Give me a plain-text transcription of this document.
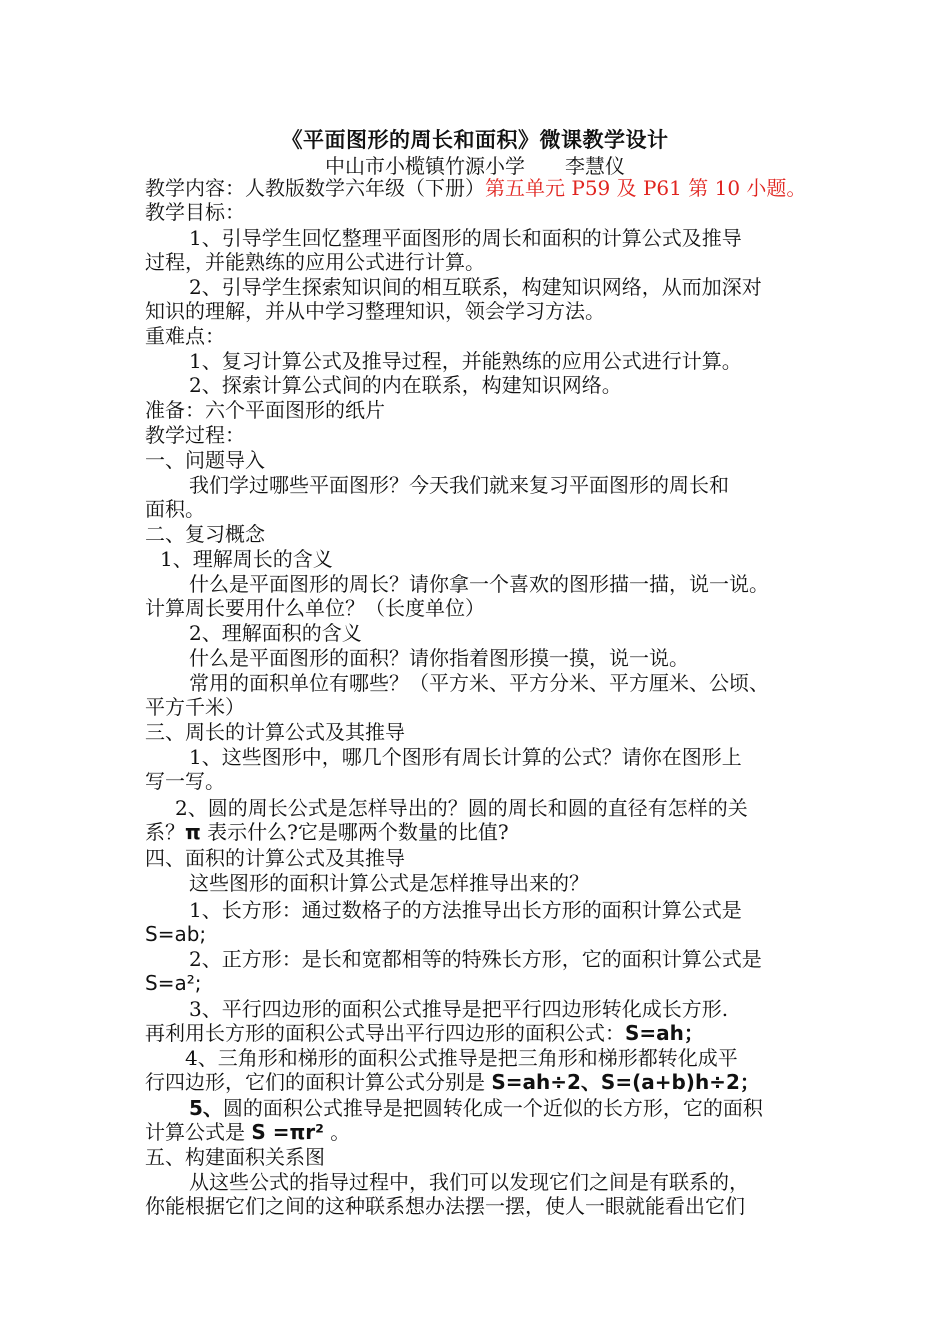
《平面图形的周长和面积》微课教学设计
中山市小榄镇竹源小学 李慧仪
教学内容：人教版数学六年级（下册）第五单元 P59 及 P61 第 10 小题。
教学目标：
1、引导学生回忆整理平面图形的周长和面积的计算公式及推导
过程，并能熟练的应用公式进行计算。
2、引导学生探索知识间的相互联系，构建知识网络，从而加深对
知识的理解，并从中学习整理知识，领会学习方法。
重难点：
1、复习计算公式及推导过程，并能熟练的应用公式进行计算。
2、探索计算公式间的内在联系，构建知识网络。
准备：六个平面图形的纸片
教学过程：
一、问题导入
我们学过哪些平面图形？今天我们就来复习平面图形的周长和
面积。
二、复习概念
1、理解周长的含义
什么是平面图形的周长？请你拿一个喜欢的图形描一描，说一说。
计算周长要用什么单位？（长度单位）
2、理解面积的含义
什么是平面图形的面积？请你指着图形摸一摸，说一说。
常用的面积单位有哪些？（平方米、平方分米、平方厘米、公顷、
平方千米）
三、周长的计算公式及其推导
1、这些图形中，哪几个图形有周长计算的公式？请你在图形上
写一写。
2、圆的周长公式是怎样导出的？圆的周长和圆的直径有怎样的关
系？π 表示什么?它是哪两个数量的比值?
四、面积的计算公式及其推导
这些图形的面积计算公式是怎样推导出来的？
1、长方形：通过数格子的方法推导出长方形的面积计算公式是
S=ab;
2、正方形：是长和宽都相等的特殊长方形，它的面积计算公式是
S=a²;
3、平行四边形的面积公式推导是把平行四边形转化成长方形.
再利用长方形的面积公式导出平行四边形的面积公式：S=ah；
4、三角形和梯形的面积公式推导是把三角形和梯形都转化成平
行四边形，它们的面积计算公式分别是 S=ah÷2、S=(a+b)h÷2；
5、圆的面积公式推导是把圆转化成一个近似的长方形，它的面积
计算公式是 S =πr² 。
五、构建面积关系图
从这些公式的指导过程中，我们可以发现它们之间是有联系的，
你能根据它们之间的这种联系想办法摆一摆，使人一眼就能看出它们
